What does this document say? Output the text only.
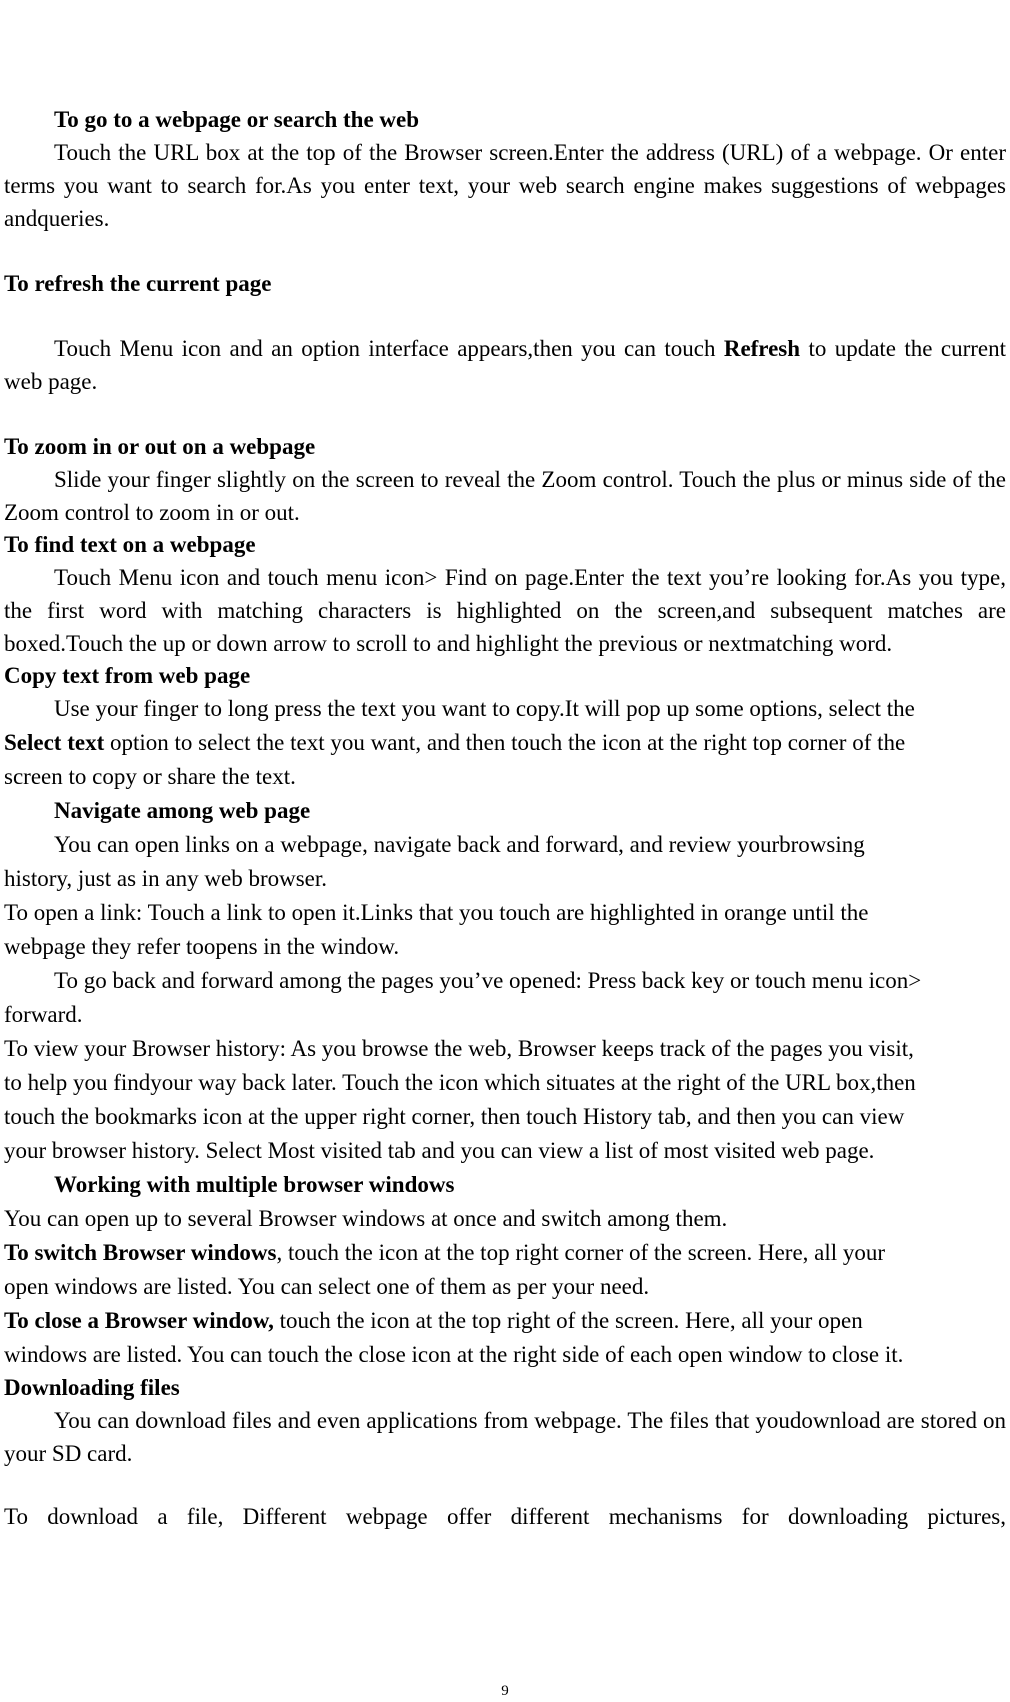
To go to a webpage or search the web

Touch the URL box at the top of the Browser screen.Enter the address (URL) of a webpage. Or enter terms you want to search for.As you enter text, your web search engine makes suggestions of webpages andqueries.

To refresh the current page

Touch Menu icon and an option interface appears,then you can touch Refresh to update the current web page.

To zoom in or out on a webpage

Slide your finger slightly on the screen to reveal the Zoom control. Touch the plus or minus side of the Zoom control to zoom in or out.

To find text on a webpage

Touch Menu icon and touch menu icon> Find on page.Enter the text you’re looking for.As you type, the first word with matching characters is highlighted on the screen,and subsequent matches are boxed.Touch the up or down arrow to scroll to and highlight the previous or nextmatching word.

Copy text from web page

Use your finger to long press the text you want to copy.It will pop up some options, select the

Select text option to select the text you want, and then touch the icon at the right top corner of the

screen to copy or share the text.

Navigate among web page

You can open links on a webpage, navigate back and forward, and review yourbrowsing

history, just as in any web browser.

To open a link: Touch a link to open it.Links that you touch are highlighted in orange until the

webpage they refer toopens in the window.

To go back and forward among the pages you’ve opened: Press back key or touch menu icon>

forward.

To view your Browser history: As you browse the web, Browser keeps track of the pages you visit,

to help you findyour way back later. Touch the icon which situates at the right of the URL box,then

touch the bookmarks icon at the upper right corner, then touch History tab, and then you can view

your browser history. Select Most visited tab and you can view a list of most visited web page.

Working with multiple browser windows

You can open up to several Browser windows at once and switch among them.

To switch Browser windows, touch the icon at the top right corner of the screen. Here, all your

open windows are listed. You can select one of them as per your need.

To close a Browser window, touch the icon at the top right of the screen. Here, all your open

windows are listed. You can touch the close icon at the right side of each open window to close it.

Downloading files

You can download files and even applications from webpage. The files that youdownload are stored on your SD card.

To download a file, Different webpage offer different mechanisms for downloading pictures,

9
